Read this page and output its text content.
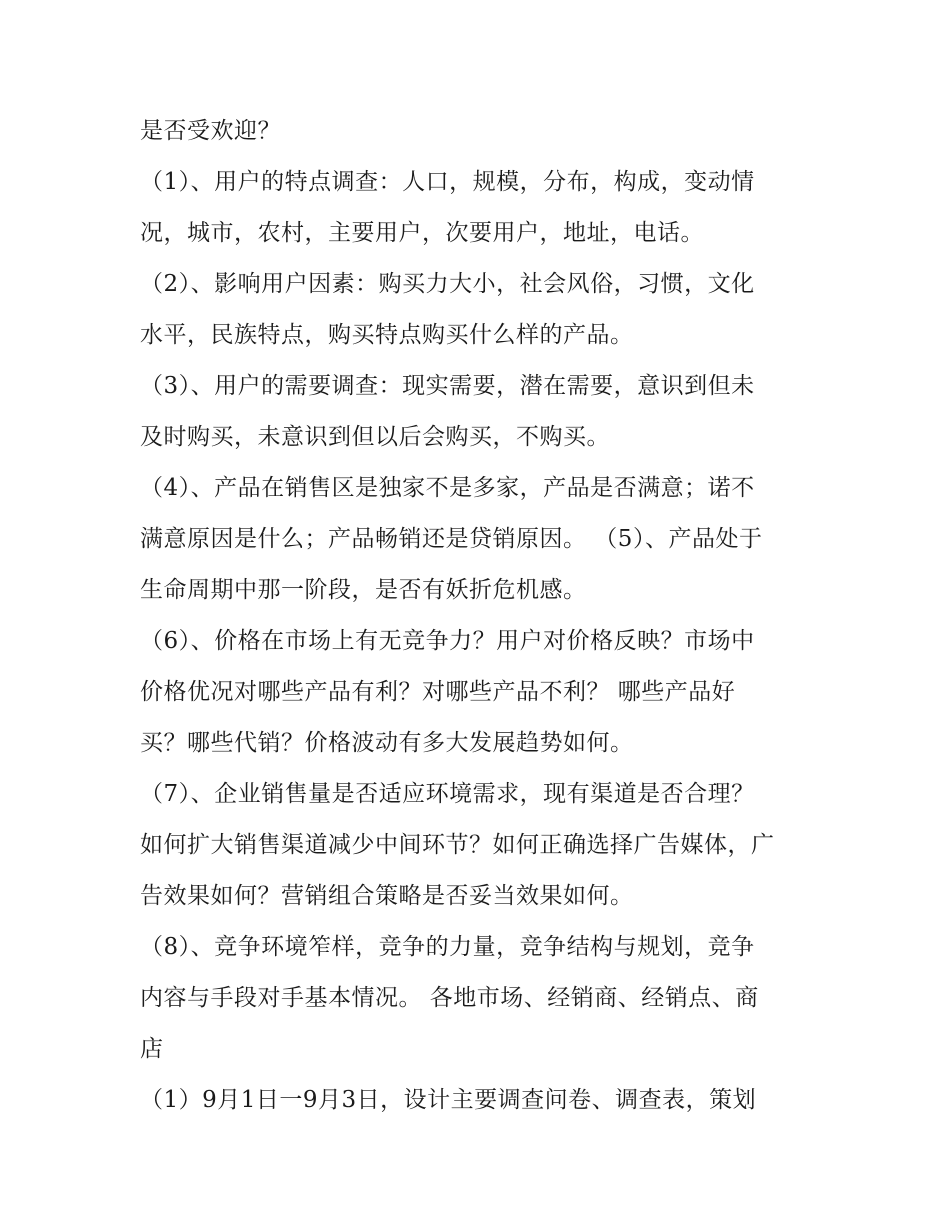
是否受欢迎？
（1）、用户的特点调查：人口，规模，分布，构成，变动情
况，城市，农村，主要用户，次要用户，地址，电话。
（2）、影响用户因素：购买力大小，社会风俗，习惯，文化
水平，民族特点，购买特点购买什么样的产品。
（3）、用户的需要调查：现实需要，潜在需要，意识到但未
及时购买，未意识到但以后会购买，不购买。
（4）、产品在销售区是独家不是多家，产品是否满意；诺不
满意原因是什么；产品畅销还是贷销原因。 （5）、产品处于
生命周期中那一阶段，是否有妖折危机感。
（6）、价格在市场上有无竞争力？用户对价格反映？市场中
价格优况对哪些产品有利？对哪些产品不利？ 哪些产品好
买？哪些代销？价格波动有多大发展趋势如何。
（7）、企业销售量是否适应环境需求，现有渠道是否合理？
如何扩大销售渠道减少中间环节？如何正确选择广告媒体，广
告效果如何？营销组合策略是否妥当效果如何。
（8）、竞争环境笮样，竞争的力量，竞争结构与规划，竞争
内容与手段对手基本情况。 各地市场、经销商、经销点、商
店
（1）9月1日一9月3日，设计主要调查问卷、调查表，策划
